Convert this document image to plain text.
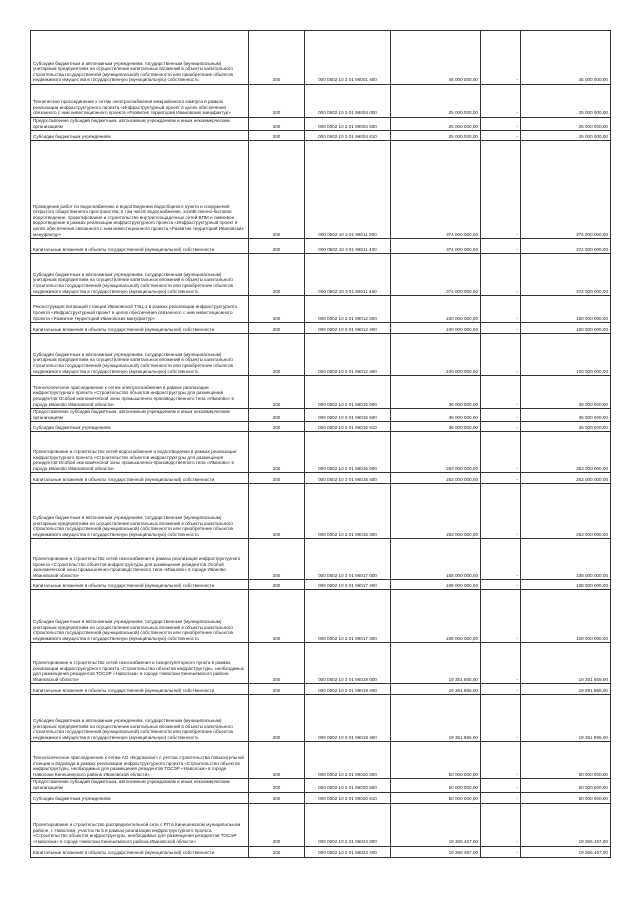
Субсидии бюджетным и автономным учреждениям, государственным (муниципальным) унитарным предприятиям на осуществление капитальных вложений в объекты капитального строительства государственной (муниципальной) собственности или приобретение объектов недвижимого имущества в государственную (муниципальную) собственность	200	000 0502 10 3 01 96001 460	45 000 000,00	-	45 000 000,00
Техническое присоединение к сетям электроснабжения межрайонного кампуса в рамках реализации инфраструктурного проекта «Инфраструктурный проект в целях обеспечения связанного с ним инвестиционного проекта «Развитие территорий Ивановских мануфактур»	200	000 0502 10 3 01 96004 000	25 000 000,00	-	25 000 000,00
Предоставление субсидий бюджетным, автономным учреждениям и иным некоммерческим организациям	200	000 0502 10 3 01 96004 600	25 000 000,00	-	25 000 000,00
Субсидии бюджетным учреждениям	200	000 0502 10 3 01 96004 610	25 000 000,00	-	25 000 000,00
Проведение работ по водоснабжению и водоотведению водосборного пункта и сооружений открытого общественного пространства, в том числе водоснабжение, хозяйственно-бытовое водоотведение, проектирование и строительство внутриплощадочных сетей ВПМ и ливневое водоотведение в рамках реализации инфраструктурного проекта «Инфраструктурный проект в целях обеспечения связанного с ним инвестиционного проекта «Развитие территорий Ивановских мануфактур»	200	000 0502 10 3 01 96011 000	374 000 000,00	-	374 000 000,00
Капитальные вложения в объекты государственной (муниципальной) собственности	200	000 0502 10 3 01 96011 400	374 000 000,00	-	374 000 000,00
Субсидии бюджетным и автономным учреждениям, государственным (муниципальным) унитарным предприятиям на осуществление капитальных вложений в объекты капитального строительства государственной (муниципальной) собственности или приобретение объектов недвижимого имущества в государственную (муниципальную) собственность	200	000 0502 10 3 01 96011 460	374 000 000,00	-	374 000 000,00
Реконструкция питающей станции Ивановской ТЭЦ-1 в рамках реализации инфраструктурного проекта «Инфраструктурный проект в целях обеспечения связанного с ним инвестиционного проекта «Развитие территорий Ивановских мануфактур»	200	000 0502 10 3 01 96012 000	100 000 000,00	-	100 000 000,00
Капитальные вложения в объекты государственной (муниципальной) собственности	200	000 0502 10 3 01 96012 400	100 000 000,00	-	100 000 000,00
Субсидии бюджетным и автономным учреждениям, государственным (муниципальным) унитарным предприятиям на осуществление капитальных вложений в объекты капитального строительства государственной (муниципальной) собственности или приобретение объектов недвижимого имущества в государственную (муниципальную) собственность	200	000 0502 10 3 01 96012 460	100 000 000,00	-	100 000 000,00
Технологическое присоединение к сетям электроснабжения в рамках реализации инфраструктурного проекта «Строительство объектов инфраструктуры для размещения резидентов Особой экономической зоны промышленно-производственного типа «Иваново» в городе Иваново Ивановской области»	200	000 0502 10 3 01 96015 000	36 000 000,00	-	36 000 000,00
Предоставление субсидий бюджетным, автономным учреждениям и иным некоммерческим организациям	200	000 0502 10 3 01 96015 600	36 000 000,00	-	36 000 000,00
Субсидии бюджетным учреждениям	200	000 0502 10 3 01 96015 610	36 000 000,00	-	36 000 000,00
Проектирование и строительство сетей водоснабжения и водоотведения в рамках реализации инфраструктурного проекта «Строительство объектов инфраструктуры для размещения резидентов Особой экономической зоны промышленно-производственного типа «Иваново» в городе Иваново Ивановской области»	200	000 0502 10 3 01 96016 000	263 000 000,00	-	263 000 000,00
Капитальные вложения в объекты государственной (муниципальной) собственности	200	000 0502 10 3 01 96016 400	263 000 000,00	-	263 000 000,00
Субсидии бюджетным и автономным учреждениям, государственным (муниципальным) унитарным предприятиям на осуществление капитальных вложений в объекты капитального строительства государственной (муниципальной) собственности или приобретение объектов недвижимого имущества в государственную (муниципальную) собственность	200	000 0502 10 3 01 96016 460	263 000 000,00	-	263 000 000,00
Проектирование и строительство сетей газоснабжения в рамках реализации инфраструктурного проекта «Строительство объектов инфраструктуры для размещения резидентов Особой экономической зоны промышленно-производственного типа «Иваново» в городе Иваново Ивановской области»	200	000 0502 10 3 01 96017 000	108 000 000,00	-	108 000 000,00
Капитальные вложения в объекты государственной (муниципальной) собственности	200	000 0502 10 3 01 96017 400	108 000 000,00	-	108 000 000,00
Субсидии бюджетным и автономным учреждениям, государственным (муниципальным) унитарным предприятиям на осуществление капитальных вложений в объекты капитального строительства государственной (муниципальной) собственности или приобретение объектов недвижимого имущества в государственную (муниципальную) собственность	200	000 0502 10 3 01 96017 460	108 000 000,00	-	108 000 000,00
Проектирование и строительство сетей газоснабжения и газорегуляторного пункта в рамках реализации инфраструктурного проекта «Строительство объектов инфраструктуры, необходимых для размещения резидентов ТОСЭР «Наволоки» в городе Наволоки Кинешемского района Ивановской области»	200	000 0502 10 3 01 96019 000	19 351 855,00	-	19 351 855,00
Капитальные вложения в объекты государственной (муниципальной) собственности	200	000 0502 10 3 01 96019 400	19 351 855,00	-	19 351 855,00
Субсидии бюджетным и автономным учреждениям, государственным (муниципальным) унитарным предприятиям на осуществление капитальных вложений в объекты капитального строительства государственной (муниципальной) собственности или приобретение объектов недвижимого имущества в государственную (муниципальную) собственность	200	000 0502 10 3 01 96019 460	19 351 855,00	-	19 351 855,00
Технологическое присоединение к сетям АО «Водоканал» с учетом строительства повысительной станции и водовода в рамках реализации инфраструктурного проекта «Строительство объектов инфраструктуры, необходимых для размещения резидентов ТОСЭР «Наволоки» в городе Наволоки Кинешемского района Ивановской области»	200	000 0502 10 3 01 96020 000	50 000 000,00	-	50 000 000,00
Предоставление субсидий бюджетным, автономным учреждениям и иным некоммерческим организациям	200	000 0502 10 3 01 96020 600	50 000 000,00	-	50 000 000,00
Субсидии бюджетным учреждениям	200	000 0502 10 3 01 96020 610	50 000 000,00	-	50 000 000,00
Проектирование и строительство распределительной сети с РП в Кинешемском муниципальном районе, г. Наволоки, участок № 5 в рамках реализации инфраструктурного проекта «Строительство объектов инфраструктуры, необходимых для размещения резидентов ТОСЭР «Наволоки» в городе Наволоки Кинешемского района Ивановской области»	200	000 0502 10 3 01 96024 000	19 366 457,00	-	19 366 457,00
Капитальные вложения в объекты государственной (муниципальной) собственности	200	000 0502 10 3 01 96024 400	19 366 457,00	-	19 366 457,00
